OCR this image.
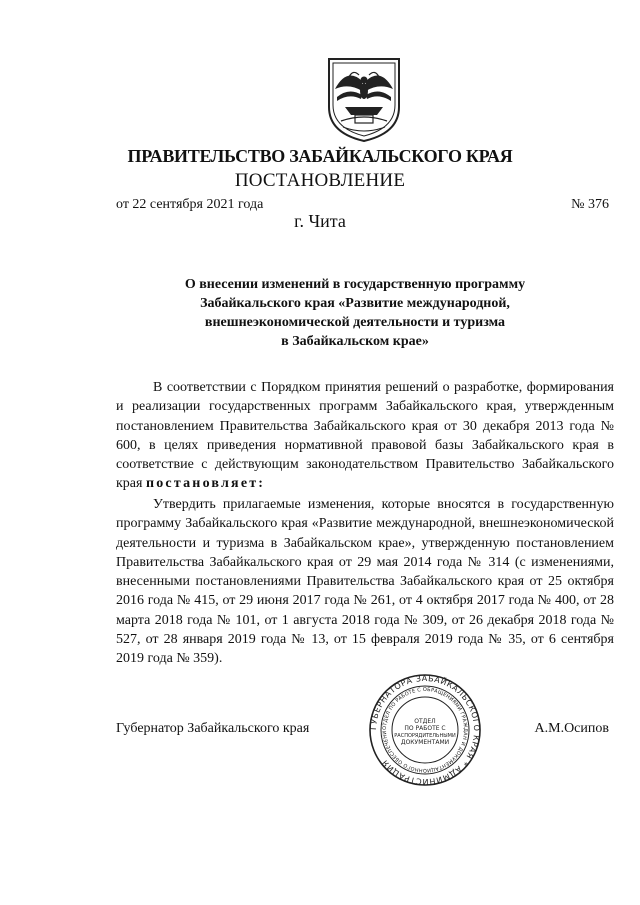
ПРАВИТЕЛЬСТВО ЗАБАЙКАЛЬСКОГО КРАЯ
ПОСТАНОВЛЕНИЕ
от 22 сентября 2021 года	№ 376
г. Чита
О внесении изменений в государственную программу
Забайкальского края «Развитие международной,
внешнеэкономической деятельности и туризма
в Забайкальском крае»

В соответствии с Порядком принятия решений о разработке, формирования и реализации государственных программ Забайкальского края, утвержденным постановлением Правительства Забайкальского края от 30 декабря 2013 года № 600, в целях приведения нормативной правовой базы Забайкальского края в соответствие с действующим законодательством Правительство Забайкальского края постановляет:

Утвердить прилагаемые изменения, которые вносятся в государственную программу Забайкальского края «Развитие международной, внешнеэкономической деятельности и туризма в Забайкальском крае», утвержденную постановлением Правительства Забайкальского края от 29 мая 2014 года № 314 (с изменениями, внесенными постановлениями Правительства Забайкальского края от 25 октября 2016 года № 415, от 29 июня 2017 года № 261, от 4 октября 2017 года № 400, от 28 марта 2018 года № 101, от 1 августа 2018 года № 309, от 26 декабря 2018 года № 527, от 28 января 2019 года № 13, от 15 февраля 2019 года № 35, от 6 сентября 2019 года № 359).

Губернатор Забайкальского края	А.М.Осипов
ГУБЕРНАТОРА ЗАБАЙКАЛЬСКОГО КРАЯ * АДМИНИСТРАЦИЯ
ОТДЕЛ ПО РАБОТЕ С ОБРАЩЕНИЯМИ ГРАЖДАН И ДОКУМЕНТАЦИОННОГО ОБЕСПЕЧЕНИ
ОТДЕЛ
ПО РАБОТЕ С
РАСПОРЯДИТЕЛЬНЫМИ
ДОКУМЕНТАМИ
